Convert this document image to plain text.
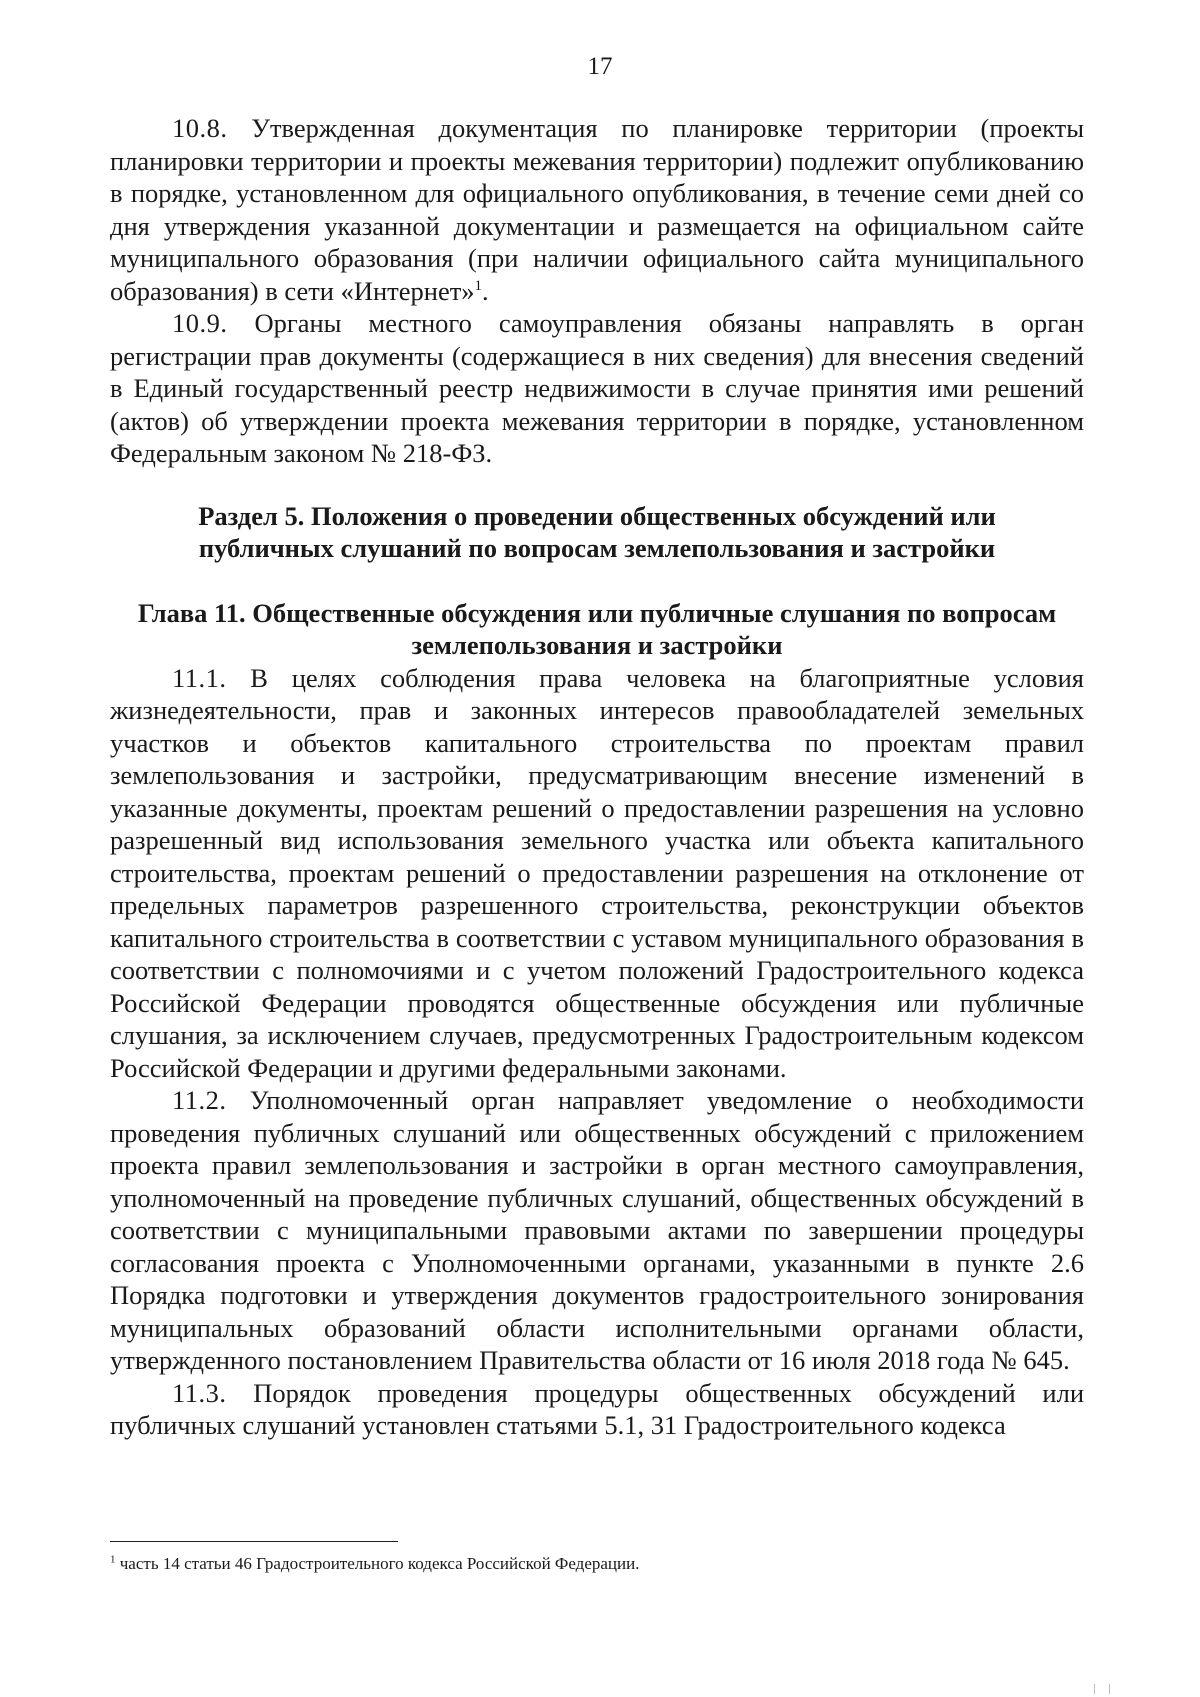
17

10.8. Утвержденная документация по планировке территории (проекты планировки территории и проекты межевания территории) подлежит опубликованию в порядке, установленном для официального опубликования, в течение семи дней со дня утверждения указанной документации и размещается на официальном сайте муниципального образования (при наличии официального сайта муниципального образования) в сети «Интернет»$^1$.

10.9. Органы местного самоуправления обязаны направлять в орган регистрации прав документы (содержащиеся в них сведения) для внесения сведений в Единый государственный реестр недвижимости в случае принятия ими решений (актов) об утверждении проекта межевания территории в порядке, установленном Федеральным законом № 218-ФЗ.

Раздел 5. Положения о проведении общественных обсуждений или
публичных слушаний по вопросам землепользования и застройки
Глава 11. Общественные обсуждения или публичные слушания по вопросам
землепользования и застройки

11.1. В целях соблюдения права человека на благоприятные условия жизнедеятельности, прав и законных интересов правообладателей земельных участков и объектов капитального строительства по проектам правил землепользования и застройки, предусматривающим внесение изменений в указанные документы, проектам решений о предоставлении разрешения на условно разрешенный вид использования земельного участка или объекта капитального строительства, проектам решений о предоставлении разрешения на отклонение от предельных параметров разрешенного строительства, реконструкции объектов капитального строительства в соответствии с уставом муниципального образования в соответствии с полномочиями и с учетом положений Градостроительного кодекса Российской Федерации проводятся общественные обсуждения или публичные слушания, за исключением случаев, предусмотренных Градостроительным кодексом Российской Федерации и другими федеральными законами.

11.2. Уполномоченный орган направляет уведомление о необходимости проведения публичных слушаний или общественных обсуждений с приложением проекта правил землепользования и застройки в орган местного самоуправления, уполномоченный на проведение публичных слушаний, общественных обсуждений в соответствии с муниципальными правовыми актами по завершении процедуры согласования проекта с Уполномоченными органами, указанными в пункте 2.6 Порядка подготовки и утверждения документов градостроительного зонирования муниципальных образований области исполнительными органами области, утвержденного постановлением Правительства области от 16 июля 2018 года № 645.

11.3. Порядок проведения процедуры общественных обсуждений или публичных слушаний установлен статьями 5.1, 31 Градостроительного кодекса

$^1$ часть 14 статьи 46 Градостроительного кодекса Российской Федерации.
